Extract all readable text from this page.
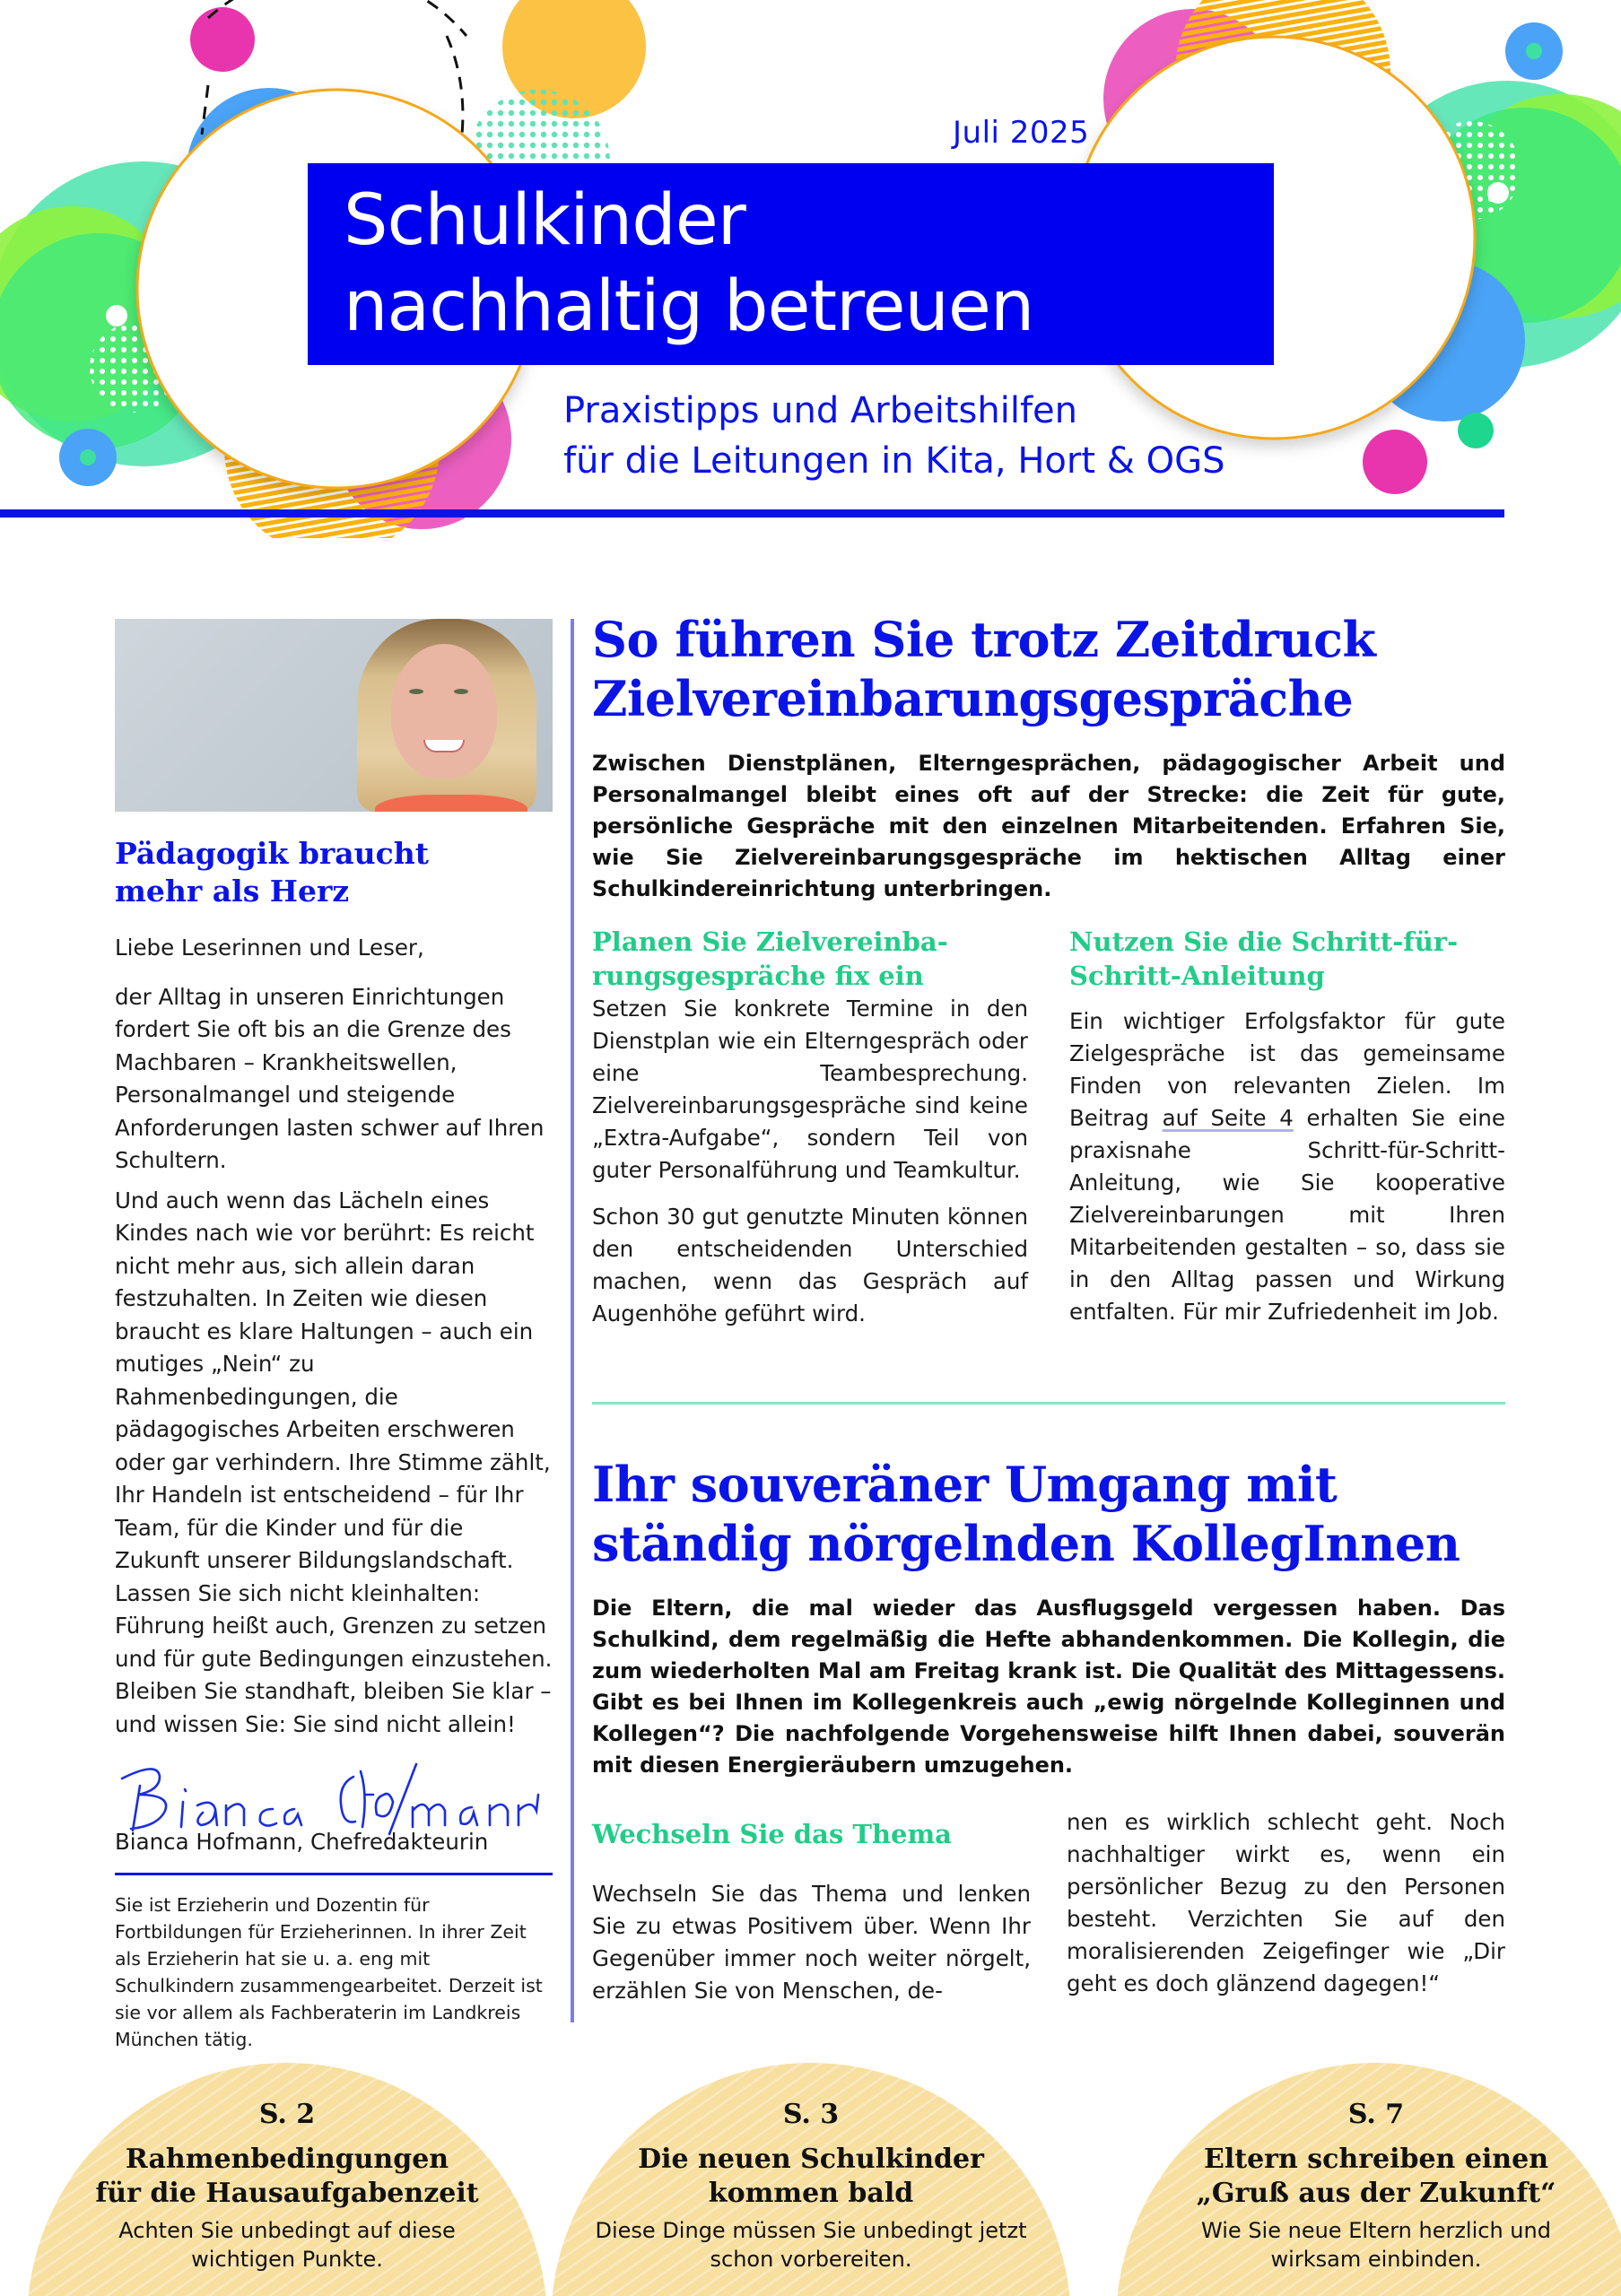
Juli 2025
Schulkinder
nachhaltig betreuen
Praxistipps und Arbeitshilfen
für die Leitungen in Kita, Hort & OGS
Pädagogik braucht
mehr als Herz

Liebe Leserinnen und Leser,

der Alltag in unseren Einrichtungen fordert Sie oft bis an die Grenze des Machbaren – Krankheitswellen, Personalmangel und steigende Anforderungen lasten schwer auf Ihren Schultern.

Und auch wenn das Lächeln eines Kindes nach wie vor berührt: Es reicht nicht mehr aus, sich allein daran festzuhalten. In Zeiten wie diesen braucht es klare Haltungen – auch ein mutiges „Nein“ zu Rahmenbedingungen, die pädagogisches Arbeiten erschweren oder gar verhindern. Ihre Stimme zählt, Ihr Handeln ist entscheidend – für Ihr Team, für die Kinder und für die Zukunft unserer Bildungslandschaft. Lassen Sie sich nicht kleinhalten: Führung heißt auch, Grenzen zu setzen und für gute Bedingungen einzustehen. Bleiben Sie standhaft, bleiben Sie klar – und wissen Sie: Sie sind nicht allein!

Bianca Hofmann, Chefredakteurin

Sie ist Erzieherin und Dozentin für Fortbildungen für Erzieherinnen. In ihrer Zeit als Erzieherin hat sie u. a. eng mit Schulkindern zusammengearbeitet. Derzeit ist sie vor allem als Fachberaterin im Landkreis München tätig.

So führen Sie trotz Zeitdruck
Zielvereinbarungsgespräche

Zwischen Dienstplänen, Elterngesprächen, pädagogischer Arbeit und Personalmangel bleibt eines oft auf der Strecke: die Zeit für gute, persönliche Gespräche mit den einzelnen Mitarbeitenden. Erfahren Sie, wie Sie Zielvereinbarungsgespräche im hektischen Alltag einer Schulkindereinrichtung unterbringen.

Planen Sie Zielvereinba-
rungsgespräche fix ein

Setzen Sie konkrete Termine in den Dienstplan wie ein Elterngespräch oder eine Teambesprechung. Zielvereinbarungsgespräche sind keine „Extra-Aufgabe“, sondern Teil von guter Personalführung und Teamkultur.

Schon 30 gut genutzte Minuten können den entscheidenden Unterschied machen, wenn das Gespräch auf Augenhöhe geführt wird.

Nutzen Sie die Schritt-für-
Schritt-Anleitung

Ein wichtiger Erfolgsfaktor für gute Zielgespräche ist das gemeinsame Finden von relevanten Zielen. Im Beitrag auf Seite 4 erhalten Sie eine praxisnahe Schritt-für-Schritt-Anleitung, wie Sie kooperative Zielvereinbarungen mit Ihren Mitarbeitenden gestalten – so, dass sie in den Alltag passen und Wirkung entfalten. Für mir Zufriedenheit im Job.

Ihr souveräner Umgang mit
ständig nörgelnden KollegInnen

Die Eltern, die mal wieder das Ausflugsgeld vergessen haben. Das Schulkind, dem regelmäßig die Hefte abhandenkommen. Die Kollegin, die zum wiederholten Mal am Freitag krank ist. Die Qualität des Mittagessens. Gibt es bei Ihnen im Kollegenkreis auch „ewig nörgelnde Kolleginnen und Kollegen“? Die nachfolgende Vorgehensweise hilft Ihnen dabei, souverän mit diesen Energieräubern umzugehen.

Wechseln Sie das Thema

Wechseln Sie das Thema und lenken Sie zu etwas Positivem über. Wenn Ihr Gegenüber immer noch weiter nörgelt, erzählen Sie von Menschen, de-

nen es wirklich schlecht geht. Noch nachhaltiger wirkt es, wenn ein persönlicher Bezug zu den Personen besteht. Verzichten Sie auf den moralisierenden Zeigefinger wie „Dir geht es doch glänzend dagegen!“

S. 2
Rahmenbedingungen
für die Hausaufgabenzeit
Achten Sie unbedingt auf diese
wichtigen Punkte.
S. 3
Die neuen Schulkinder
kommen bald
Diese Dinge müssen Sie unbedingt jetzt
schon vorbereiten.
S. 7
Eltern schreiben einen
„Gruß aus der Zukunft“
Wie Sie neue Eltern herzlich und
wirksam einbinden.
